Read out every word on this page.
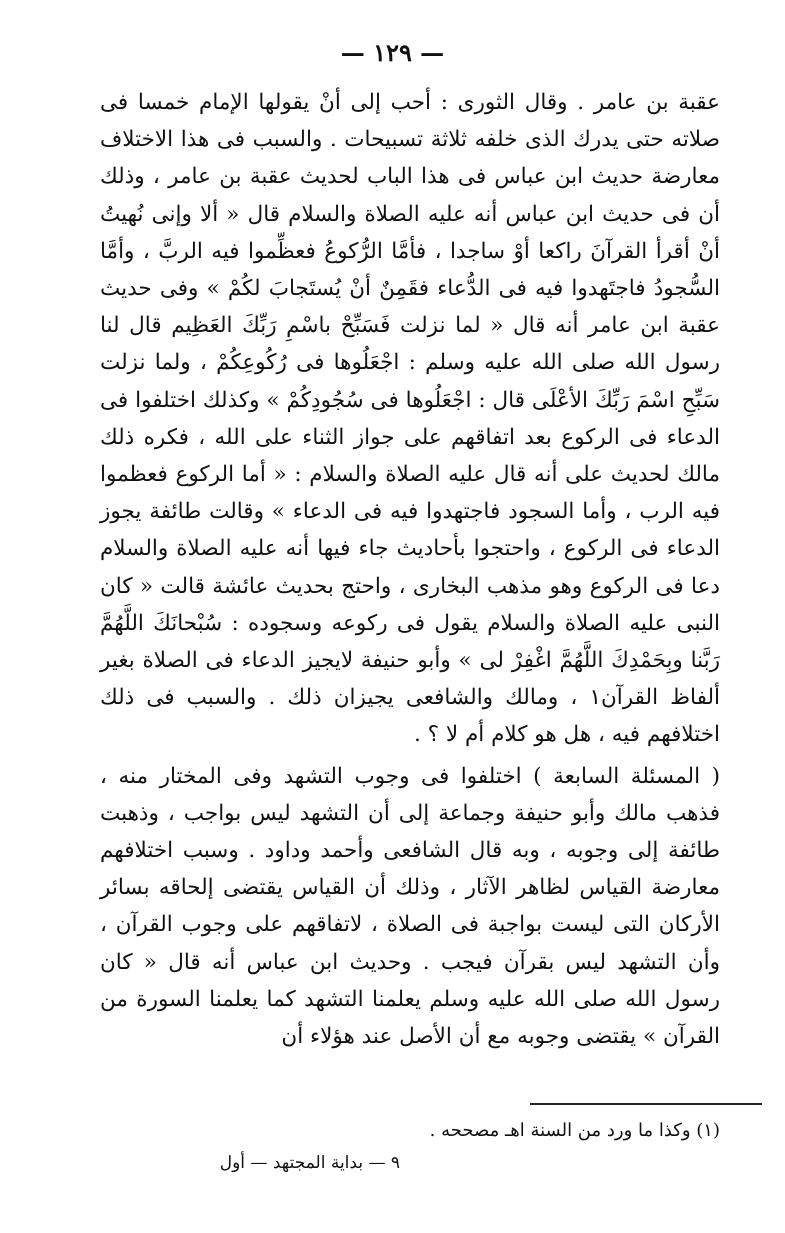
— ١٢٩ —

عقبة بن عامر . وقال الثورى : أحب إلى أنْ يقولها الإمام خمسا فى صلاته حتى يدرك الذى خلفه ثلاثة تسبيحات . والسبب فى هذا الاختلاف معارضة حديث ابن عباس فى هذا الباب لحديث عقبة بن عامر ، وذلك أن فى حديث ابن عباس أنه عليه الصلاة والسلام قال « ألا وإنى نُهيتُ أنْ أقرأ القرآنَ راكعا أوْ ساجدا ، فأمَّا الرُّكوعُ فعظِّموا فيه الربَّ ، وأمَّا السُّجودُ فاجتَهدوا فيه فى الدُّعاء فقَمِنٌ أنْ يُستَجابَ لكُمْ » وفى حديث عقبة ابن عامر أنه قال « لما نزلت فَسَبِّحْ باسْمِ رَبِّكَ العَظِيم قال لنا رسول الله صلى الله عليه وسلم : اجْعَلُوها فى رُكُوعِكُمْ ، ولما نزلت سَبِّحِ اسْمَ رَبِّكَ الأعْلَى قال : اجْعَلُوها فى سُجُودِكُمْ » وكذلك اختلفوا فى الدعاء فى الركوع بعد اتفاقهم على جواز الثناء على الله ، فكره ذلك مالك لحديث على أنه قال عليه الصلاة والسلام : « أما الركوع فعظموا فيه الرب ، وأما السجود فاجتهدوا فيه فى الدعاء » وقالت طائفة يجوز الدعاء فى الركوع ، واحتجوا بأحاديث جاء فيها أنه عليه الصلاة والسلام دعا فى الركوع وهو مذهب البخارى ، واحتج بحديث عائشة قالت « كان النبى عليه الصلاة والسلام يقول فى ركوعه وسجوده : سُبْحانَكَ اللَّهُمَّ رَبَّنا وبِحَمْدِكَ اللَّهُمَّ اغْفِرْ لى » وأبو حنيفة لايجيز الدعاء فى الصلاة بغير ألفاظ القرآن١ ، ومالك والشافعى يجيزان ذلك . والسبب فى ذلك اختلافهم فيه ، هل هو كلام أم لا ؟ .

( المسئلة السابعة ) اختلفوا فى وجوب التشهد وفى المختار منه ، فذهب مالك وأبو حنيفة وجماعة إلى أن التشهد ليس بواجب ، وذهبت طائفة إلى وجوبه ، وبه قال الشافعى وأحمد وداود . وسبب اختلافهم معارضة القياس لظاهر الآثار ، وذلك أن القياس يقتضى إلحاقه بسائر الأركان التى ليست بواجبة فى الصلاة ، لاتفاقهم على وجوب القرآن ، وأن التشهد ليس بقرآن فيجب . وحديث ابن عباس أنه قال « كان رسول الله صلى الله عليه وسلم يعلمنا التشهد كما يعلمنا السورة من القرآن » يقتضى وجوبه مع أن الأصل عند هؤلاء أن

(١) وكذا ما ورد من السنة اهـ مصححه .
٩ — بداية المجتهد — أول
